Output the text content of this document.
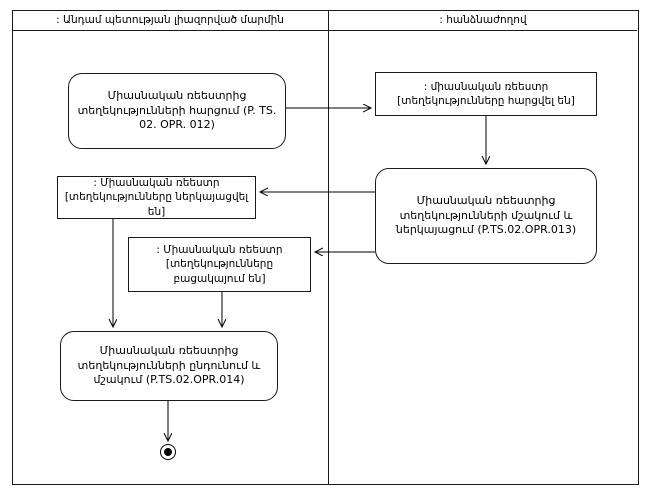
: Անդամ պետության լիազորված մարմին	: հանձնաժողով
Միասնական ռեեստրից տեղեկությունների հարցում (P. TS. 02. OPR. 012)
: միասնական ռեեստր
[տեղեկությունները հարցվել են]
Միասնական ռեեստրից տեղեկությունների մշակում և ներկայացում (P.TS.02.OPR.013)
: Միասնական ռեեստր
[տեղեկությունները ներկայացվել են]
: Միասնական ռեեստր
[տեղեկությունները բացակայում են]
Միասնական ռեեստրից տեղեկությունների ընդունում և մշակում (P.TS.02.OPR.014)
